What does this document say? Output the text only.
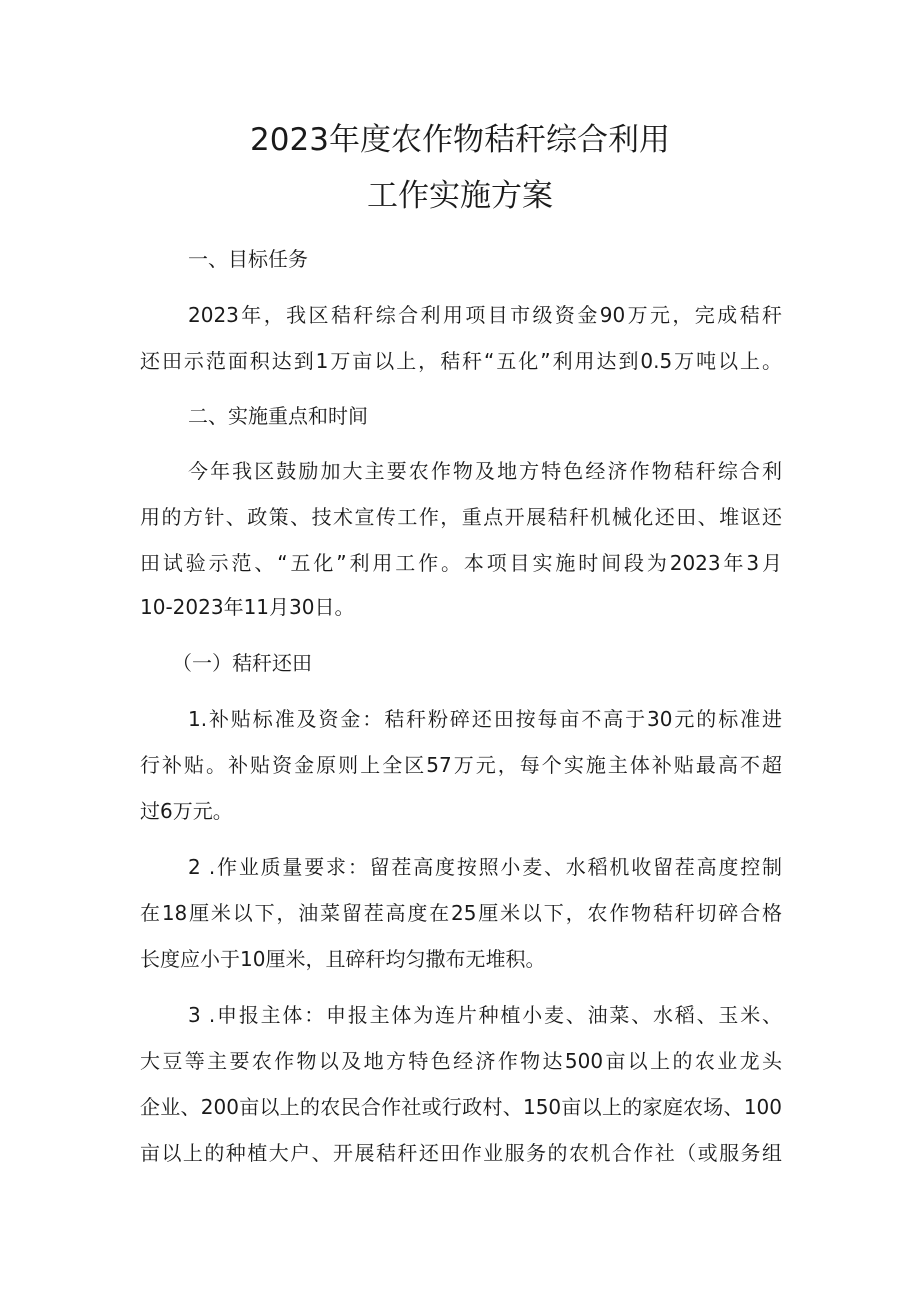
2023年度农作物秸秆综合利用
工作实施方案

一、目标任务

2023年，我区秸秆综合利用项目市级资金90万元，完成秸秆

还田示范面积达到1万亩以上，秸秆“五化”利用达到0.5万吨以上。

二、实施重点和时间

今年我区鼓励加大主要农作物及地方特色经济作物秸秆综合利

用的方针、政策、技术宣传工作，重点开展秸秆机械化还田、堆讴还

田试验示范、“五化”利用工作。本项目实施时间段为2023年3月

10-2023年11月30日。

（一）秸秆还田

1.补贴标准及资金：秸秆粉碎还田按每亩不高于30元的标准进

行补贴。补贴资金原则上全区57万元，每个实施主体补贴最高不超

过6万元。

2 .作业质量要求：留茬高度按照小麦、水稻机收留茬高度控制

在18厘米以下，油菜留茬高度在25厘米以下，农作物秸秆切碎合格

长度应小于10厘米，且碎秆均匀撒布无堆积。

3 .申报主体：申报主体为连片种植小麦、油菜、水稻、玉米、

大豆等主要农作物以及地方特色经济作物达500亩以上的农业龙头

企业、200亩以上的农民合作社或行政村、150亩以上的家庭农场、100

亩以上的种植大户、开展秸秆还田作业服务的农机合作社（或服务组
